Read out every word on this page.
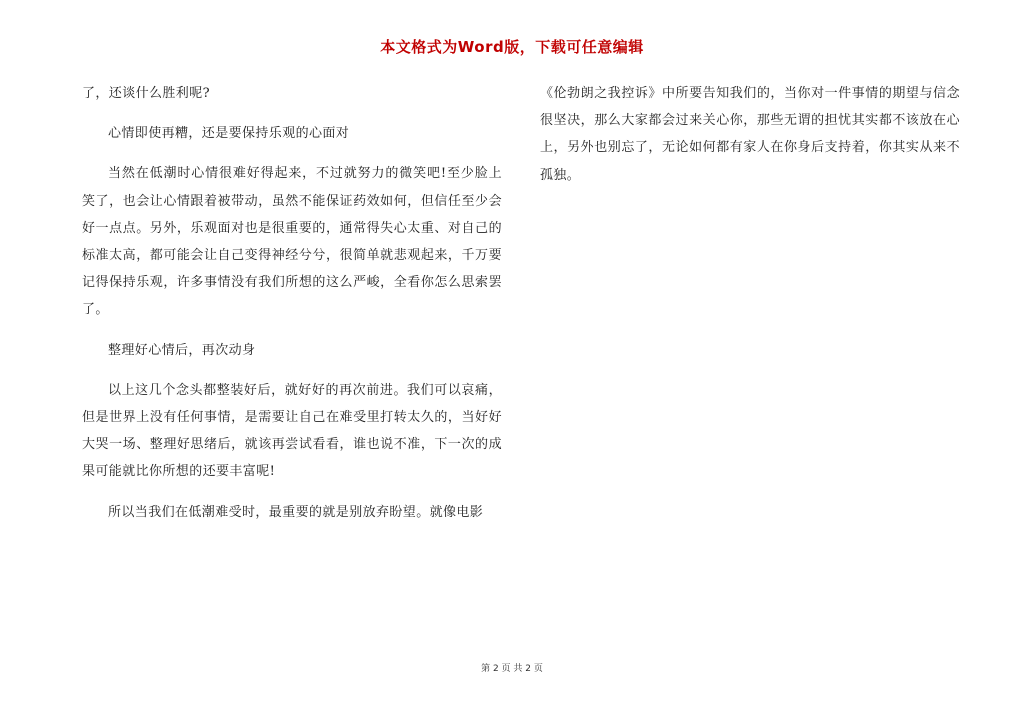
本文格式为Word版，下载可任意编辑

了，还谈什么胜利呢?

心情即使再糟，还是要保持乐观的心面对

当然在低潮时心情很难好得起来，不过就努力的微笑吧!至少脸上笑了，也会让心情跟着被带动，虽然不能保证药效如何，但信任至少会好一点点。另外，乐观面对也是很重要的，通常得失心太重、对自己的标准太高，都可能会让自己变得神经兮兮，很简单就悲观起来，千万要记得保持乐观，许多事情没有我们所想的这么严峻，全看你怎么思索罢了。

整理好心情后，再次动身

以上这几个念头都整装好后，就好好的再次前进。我们可以哀痛，但是世界上没有任何事情，是需要让自己在难受里打转太久的，当好好大哭一场、整理好思绪后，就该再尝试看看，谁也说不准，下一次的成果可能就比你所想的还要丰富呢!

所以当我们在低潮难受时，最重要的就是别放弃盼望。就像电影

《伦勃朗之我控诉》中所要告知我们的，当你对一件事情的期望与信念很坚决，那么大家都会过来关心你，那些无谓的担忧其实都不该放在心上，另外也别忘了，无论如何都有家人在你身后支持着，你其实从来不孤独。

第 2 页 共 2 页
